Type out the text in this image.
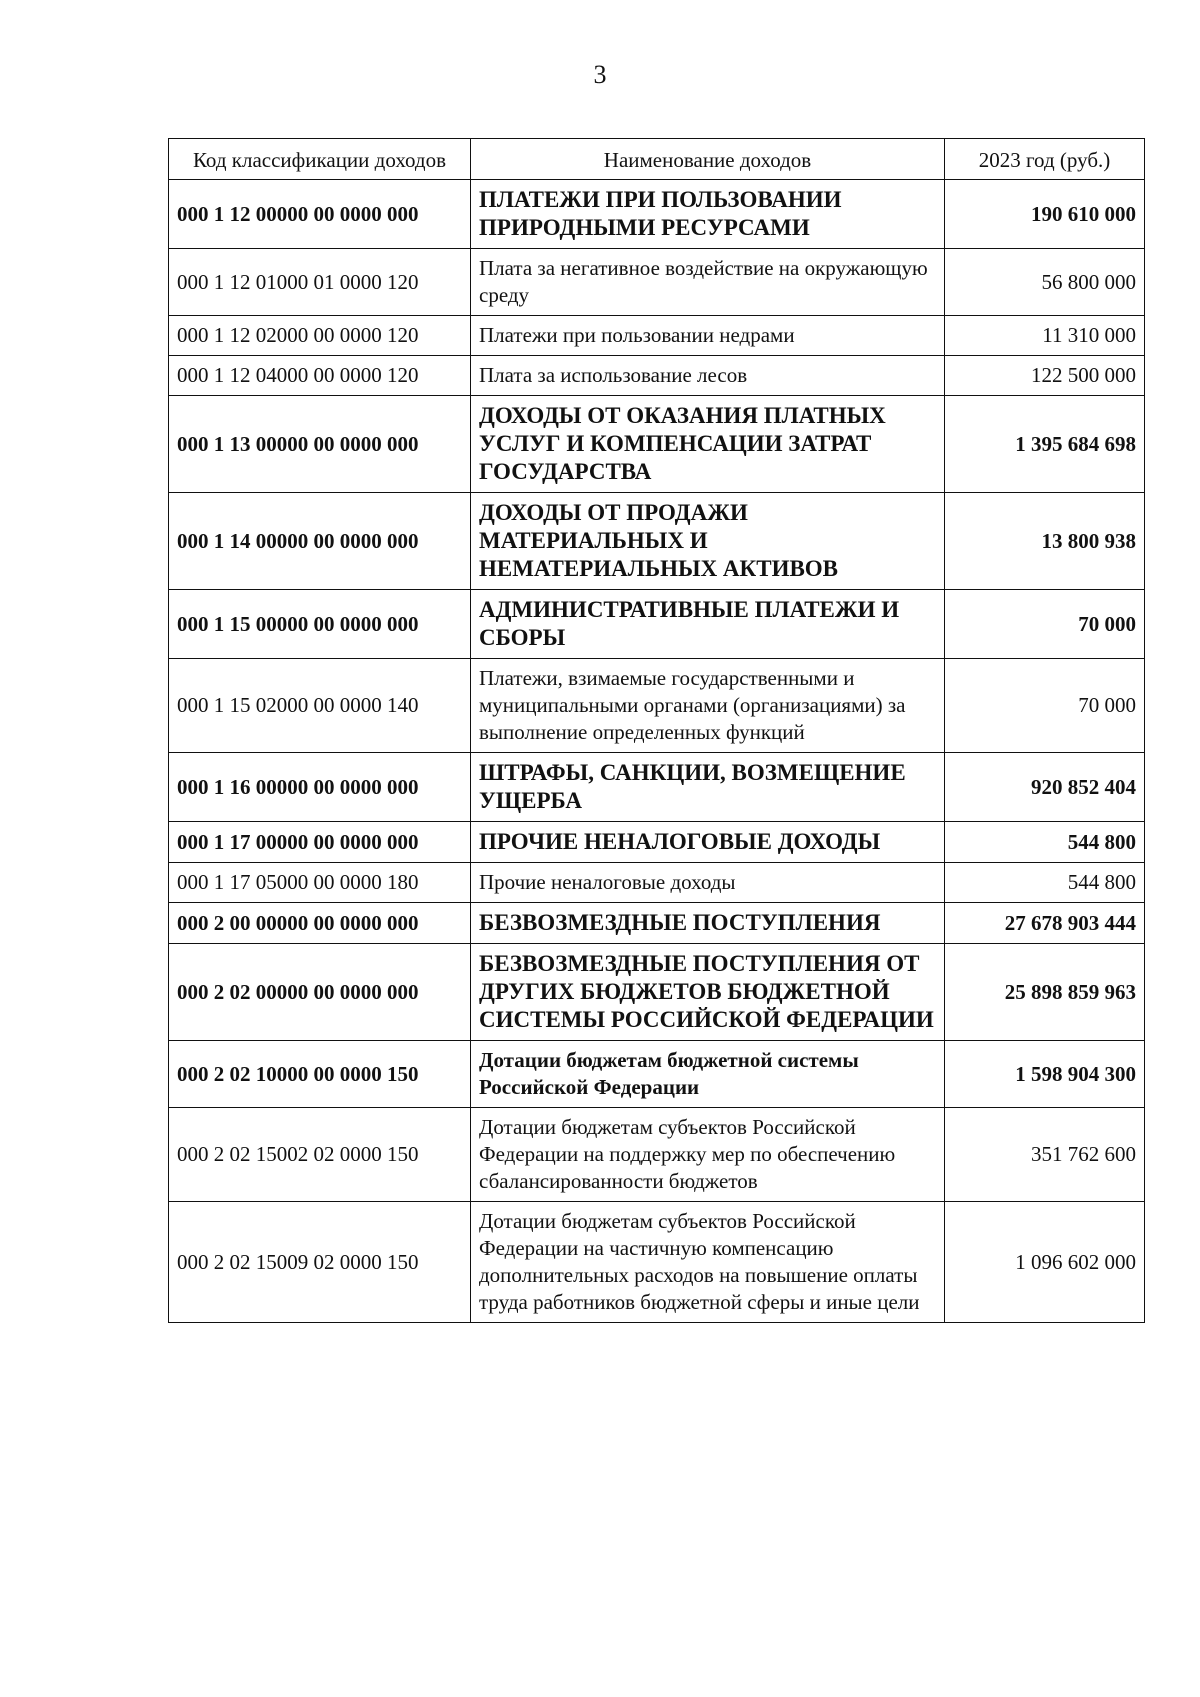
3
Код классификации доходов	Наименование доходов	2023 год (руб.)
000 1 12 00000 00 0000 000	ПЛАТЕЖИ ПРИ ПОЛЬЗОВАНИИ ПРИРОДНЫМИ РЕСУРСАМИ	190 610 000
000 1 12 01000 01 0000 120	Плата за негативное воздействие на окружающую среду	56 800 000
000 1 12 02000 00 0000 120	Платежи при пользовании недрами	11 310 000
000 1 12 04000 00 0000 120	Плата за использование лесов	122 500 000
000 1 13 00000 00 0000 000	ДОХОДЫ ОТ ОКАЗАНИЯ ПЛАТНЫХ УСЛУГ И КОМПЕНСАЦИИ ЗАТРАТ ГОСУДАРСТВА	1 395 684 698
000 1 14 00000 00 0000 000	ДОХОДЫ ОТ ПРОДАЖИ МАТЕРИАЛЬНЫХ И НЕМАТЕРИАЛЬНЫХ АКТИВОВ	13 800 938
000 1 15 00000 00 0000 000	АДМИНИСТРАТИВНЫЕ ПЛАТЕЖИ И СБОРЫ	70 000
000 1 15 02000 00 0000 140	Платежи, взимаемые государственными и муниципальными органами (организациями) за выполнение определенных функций	70 000
000 1 16 00000 00 0000 000	ШТРАФЫ, САНКЦИИ, ВОЗМЕЩЕНИЕ УЩЕРБА	920 852 404
000 1 17 00000 00 0000 000	ПРОЧИЕ НЕНАЛОГОВЫЕ ДОХОДЫ	544 800
000 1 17 05000 00 0000 180	Прочие неналоговые доходы	544 800
000 2 00 00000 00 0000 000	БЕЗВОЗМЕЗДНЫЕ ПОСТУПЛЕНИЯ	27 678 903 444
000 2 02 00000 00 0000 000	БЕЗВОЗМЕЗДНЫЕ ПОСТУПЛЕНИЯ ОТ ДРУГИХ БЮДЖЕТОВ БЮДЖЕТНОЙ СИСТЕМЫ РОССИЙСКОЙ ФЕДЕРАЦИИ	25 898 859 963
000 2 02 10000 00 0000 150	Дотации бюджетам бюджетной системы Российской Федерации	1 598 904 300
000 2 02 15002 02 0000 150	Дотации бюджетам субъектов Российской Федерации на поддержку мер по обеспечению сбалансированности бюджетов	351 762 600
000 2 02 15009 02 0000 150	Дотации бюджетам субъектов Российской Федерации на частичную компенсацию дополнительных расходов на повышение оплаты труда работников бюджетной сферы и иные цели	1 096 602 000
